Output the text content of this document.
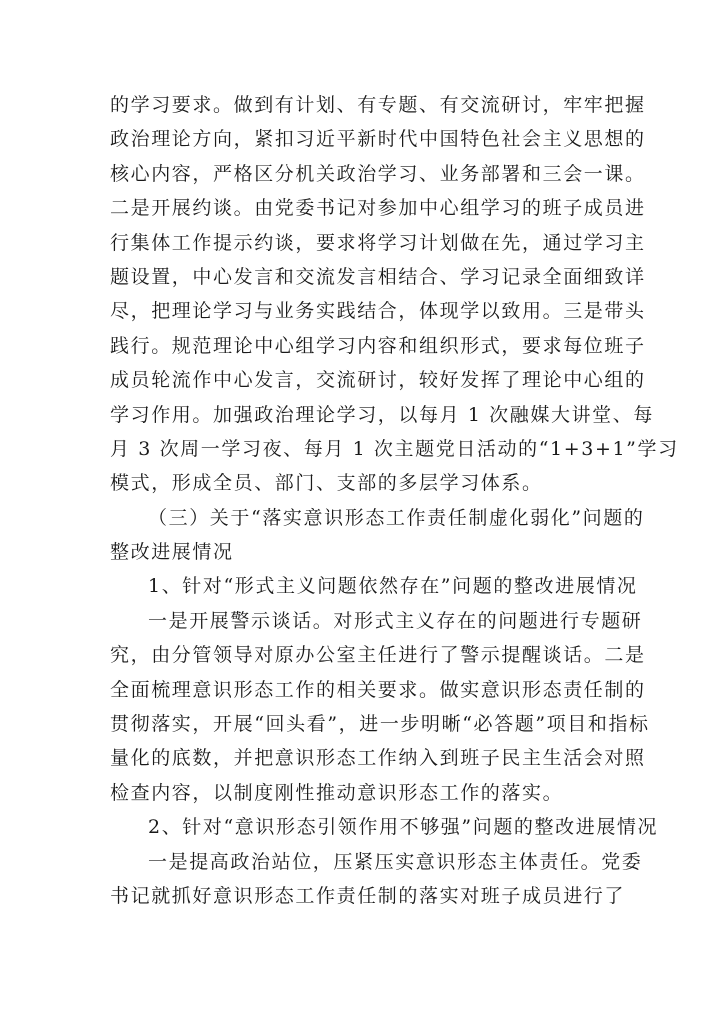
的学习要求。做到有计划、有专题、有交流研讨，牢牢把握
政治理论方向，紧扣习近平新时代中国特色社会主义思想的
核心内容，严格区分机关政治学习、业务部署和三会一课。
二是开展约谈。由党委书记对参加中心组学习的班子成员进
行集体工作提示约谈，要求将学习计划做在先，通过学习主
题设置，中心发言和交流发言相结合、学习记录全面细致详
尽，把理论学习与业务实践结合，体现学以致用。三是带头
践行。规范理论中心组学习内容和组织形式，要求每位班子
成员轮流作中心发言，交流研讨，较好发挥了理论中心组的
学习作用。加强政治理论学习，以每月 1 次融媒大讲堂、每
月 3 次周一学习夜、每月 1 次主题党日活动的“1+3+1”学习
模式，形成全员、部门、支部的多层学习体系。
（三）关于“落实意识形态工作责任制虚化弱化”问题的
整改进展情况
1、针对“形式主义问题依然存在”问题的整改进展情况
一是开展警示谈话。对形式主义存在的问题进行专题研
究，由分管领导对原办公室主任进行了警示提醒谈话。二是
全面梳理意识形态工作的相关要求。做实意识形态责任制的
贯彻落实，开展“回头看”，进一步明晰“必答题”项目和指标
量化的底数，并把意识形态工作纳入到班子民主生活会对照
检查内容，以制度刚性推动意识形态工作的落实。
2、针对“意识形态引领作用不够强”问题的整改进展情况
一是提高政治站位，压紧压实意识形态主体责任。党委
书记就抓好意识形态工作责任制的落实对班子成员进行了
